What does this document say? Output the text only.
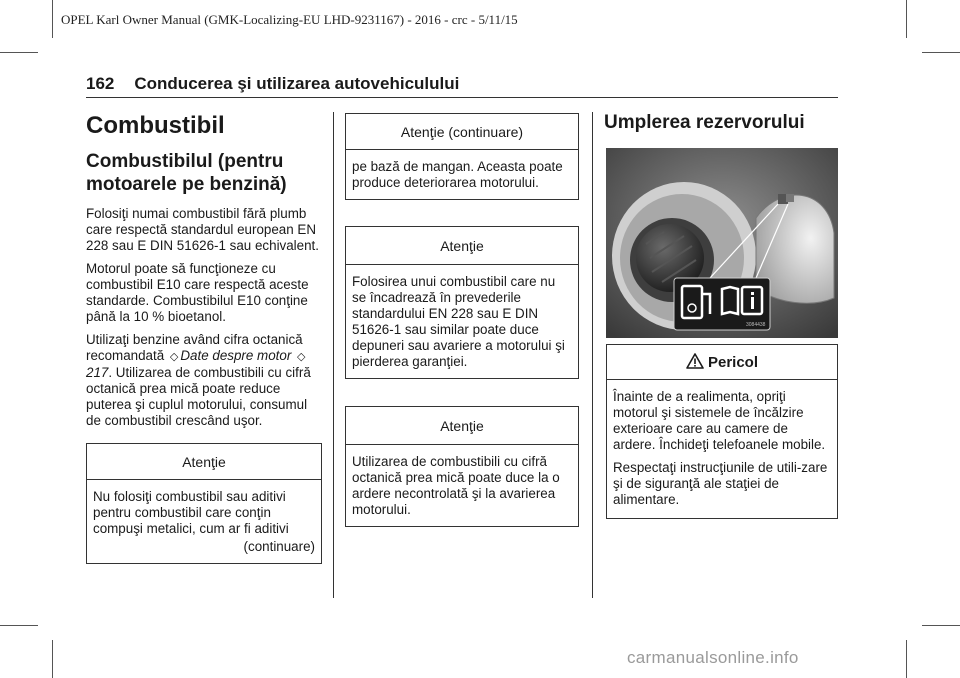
OPEL Karl Owner Manual (GMK-Localizing-EU LHD-9231167) - 2016 - crc - 5/11/15
162 Conducerea şi utilizarea autovehiculului
Combustibil
Combustibilul (pentru motoarele pe benzină)

Folosiţi numai combustibil fără plumb care respectă standardul european EN 228 sau E DIN 51626-1 sau echivalent.

Motorul poate să funcţioneze cu combustibil E10 care respectă aceste standarde. Combustibilul E10 conţine până la 10 % bioetanol.

Utilizaţi benzine având cifra octanică recomandată ◇ Date despre motor ◇217. Utilizarea de combustibili cu cifră octanică prea mică poate reduce puterea şi cuplul motorului, consumul de combustibil crescând uşor.

Atenţie

Nu folosiţi combustibil sau aditivi pentru combustibil care conţin compuşi metalici, cum ar fi aditivi

(continuare)

Atenţie (continuare)
pe bază de mangan. Aceasta poate produce deteriorarea motorului.
Atenţie
Folosirea unui combustibil care nu se încadrează în prevederile standardului EN 228 sau E DIN 51626-1 sau similar poate duce depuneri sau avariere a motorului şi pierderea garanţiei.
Atenţie
Utilizarea de combustibili cu cifră octanică prea mică poate duce la o ardere necontrolată şi la avarierea motorului.
Umplerea rezervorului
3084438
Pericol

Înainte de a realimenta, opriţi motorul şi sistemele de încălzire exterioare care au camere de ardere. Închideţi telefoanele mobile.

Respectaţi instrucţiunile de utili-zare şi de siguranţă ale staţiei de alimentare.

carmanualsonline.info
